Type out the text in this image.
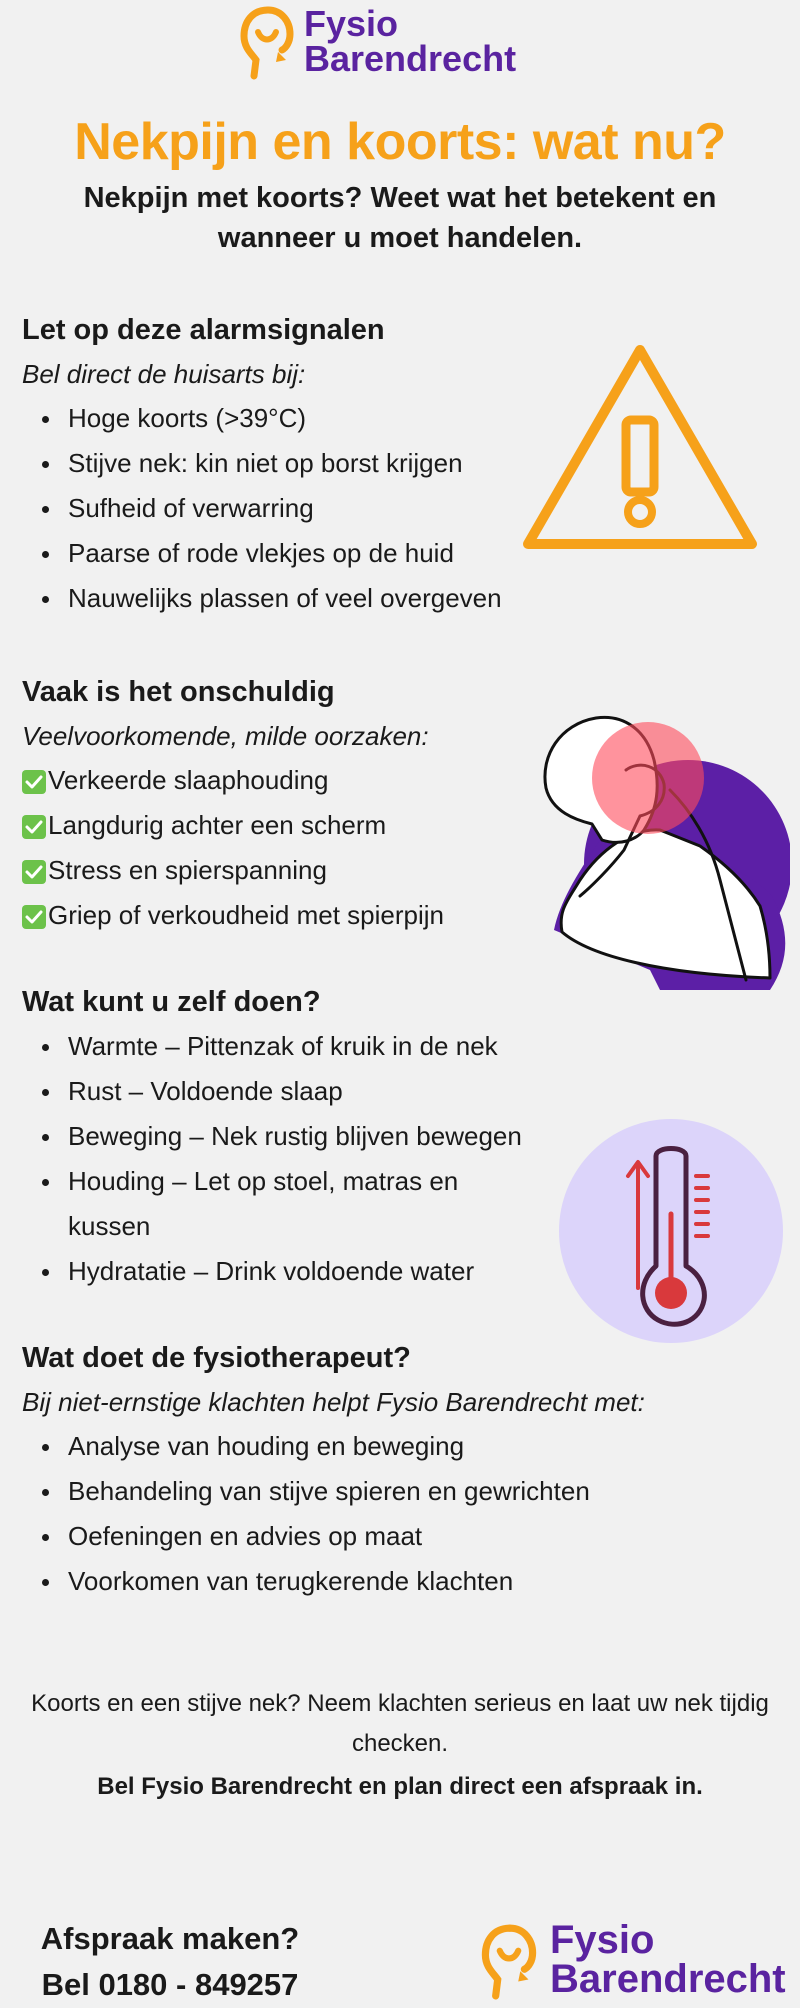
Fysio
Barendrecht
Nekpijn en koorts: wat nu?

Nekpijn met koorts? Weet wat het betekent en wanneer u moet handelen.

Let op deze alarmsignalen

Bel direct de huisarts bij:

Hoge koorts (>39°C)
Stijve nek: kin niet op borst krijgen
Sufheid of verwarring
Paarse of rode vlekjes op de huid
Nauwelijks plassen of veel overgeven
Vaak is het onschuldig

Veelvoorkomende, milde oorzaken:

Verkeerde slaaphouding
Langdurig achter een scherm
Stress en spierspanning
Griep of verkoudheid met spierpijn
Wat kunt u zelf doen?
Warmte – Pittenzak of kruik in de nek
Rust – Voldoende slaap
Beweging – Nek rustig blijven bewegen
Houding – Let op stoel, matras en kussen
Hydratatie – Drink voldoende water
Wat doet de fysiotherapeut?

Bij niet-ernstige klachten helpt Fysio Barendrecht met:

Analyse van houding en beweging
Behandeling van stijve spieren en gewrichten
Oefeningen en advies op maat
Voorkomen van terugkerende klachten

Koorts en een stijve nek? Neem klachten serieus en laat uw nek tijdig checken.

Bel Fysio Barendrecht en plan direct een afspraak in.

Afspraak maken?
Bel 0180 - 849257
Fysio
Barendrecht
